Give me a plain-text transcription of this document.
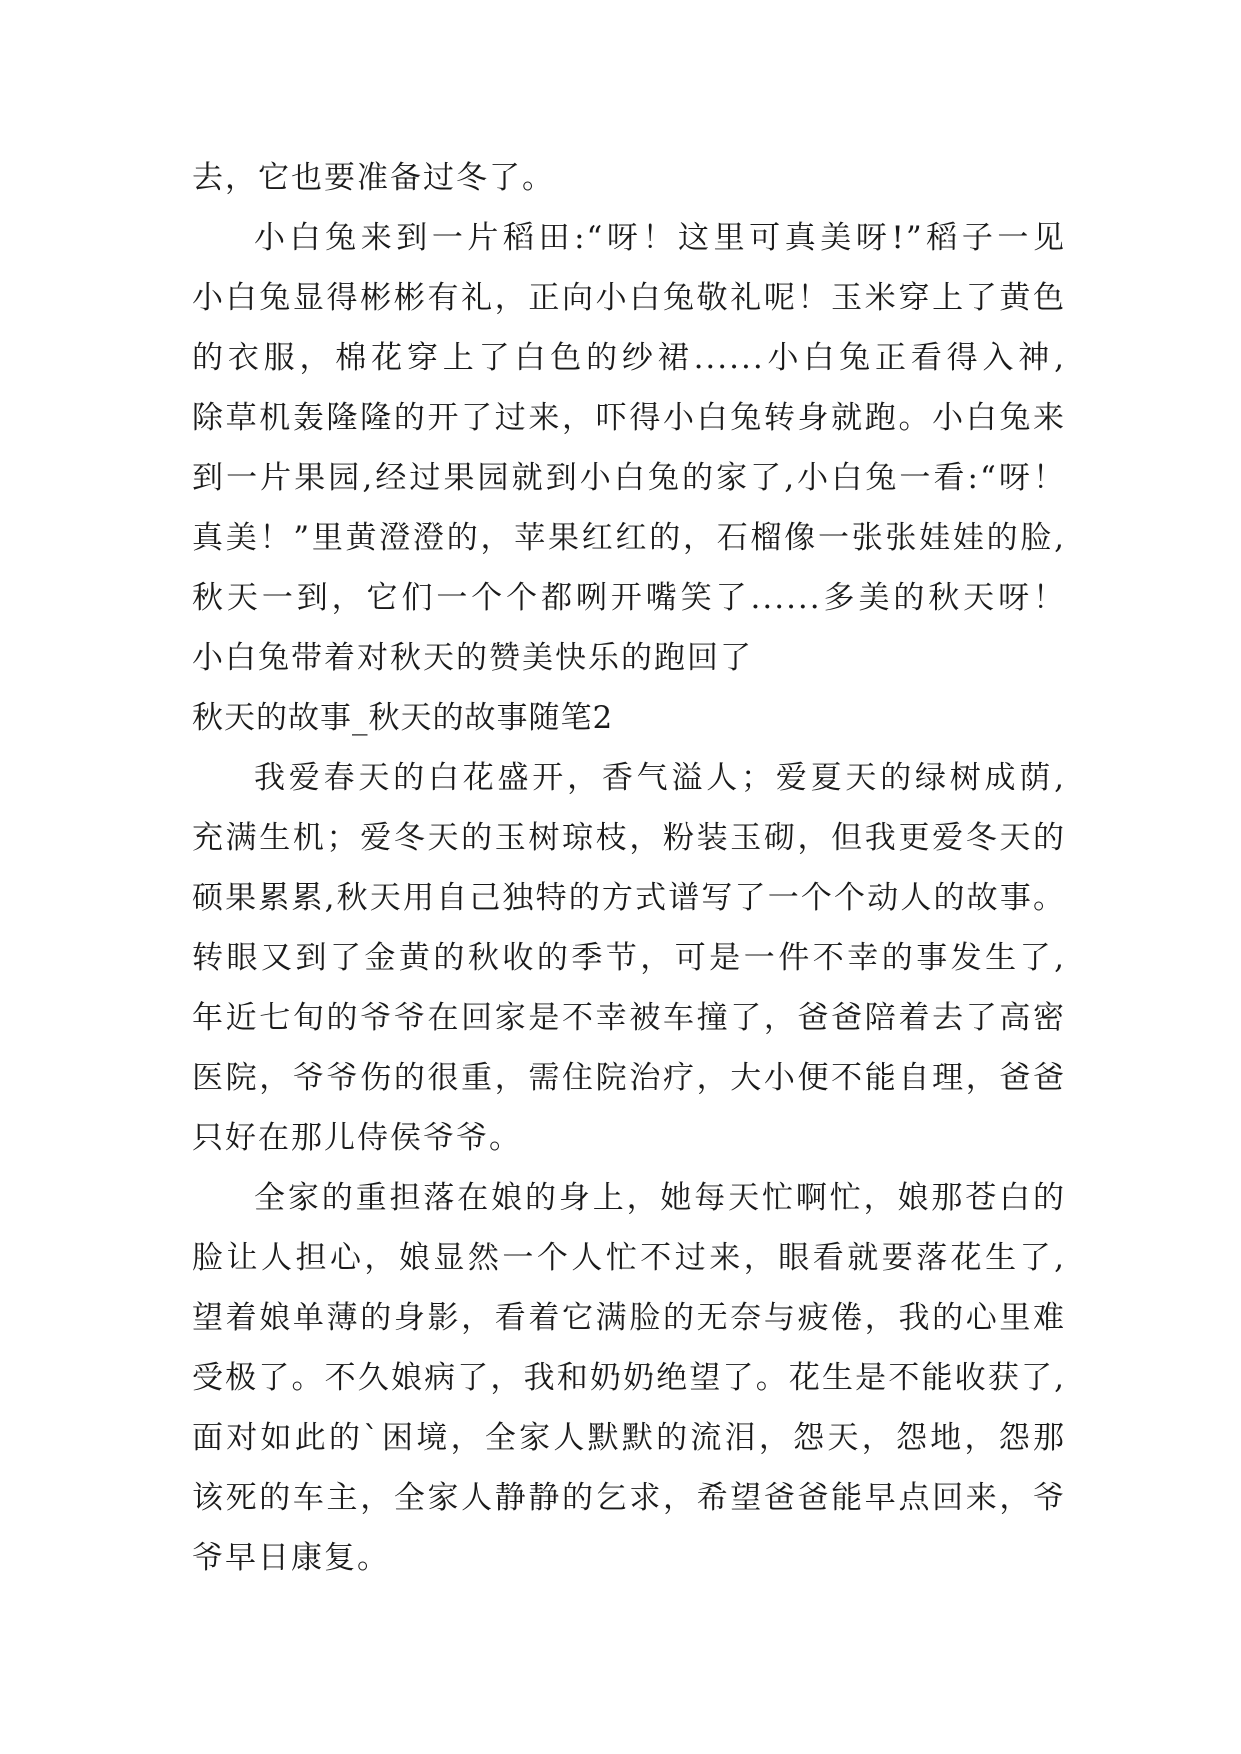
去，它也要准备过冬了。
小白兔来到一片稻田:“呀！这里可真美呀!”稻子一见
小白兔显得彬彬有礼，正向小白兔敬礼呢！玉米穿上了黄色
的衣服，棉花穿上了白色的纱裙......小白兔正看得入神,
除草机轰隆隆的开了过来，吓得小白兔转身就跑。小白兔来
到一片果园,经过果园就到小白兔的家了,小白兔一看:“呀！
真美！”里黄澄澄的，苹果红红的，石榴像一张张娃娃的脸,
秋天一到，它们一个个都咧开嘴笑了......多美的秋天呀！
小白兔带着对秋天的赞美快乐的跑回了
秋天的故事_秋天的故事随笔2
我爱春天的白花盛开，香气溢人；爱夏天的绿树成荫,
充满生机；爱冬天的玉树琼枝，粉装玉砌，但我更爱冬天的
硕果累累,秋天用自己独特的方式谱写了一个个动人的故事。
转眼又到了金黄的秋收的季节，可是一件不幸的事发生了,
年近七旬的爷爷在回家是不幸被车撞了，爸爸陪着去了高密
医院，爷爷伤的很重，需住院治疗，大小便不能自理，爸爸
只好在那儿侍侯爷爷。
全家的重担落在娘的身上，她每天忙啊忙，娘那苍白的
脸让人担心，娘显然一个人忙不过来，眼看就要落花生了,
望着娘单薄的身影，看着它满脸的无奈与疲倦，我的心里难
受极了。不久娘病了，我和奶奶绝望了。花生是不能收获了,
面对如此的`困境，全家人默默的流泪，怨天，怨地，怨那
该死的车主，全家人静静的乞求，希望爸爸能早点回来，爷
爷早日康复。
